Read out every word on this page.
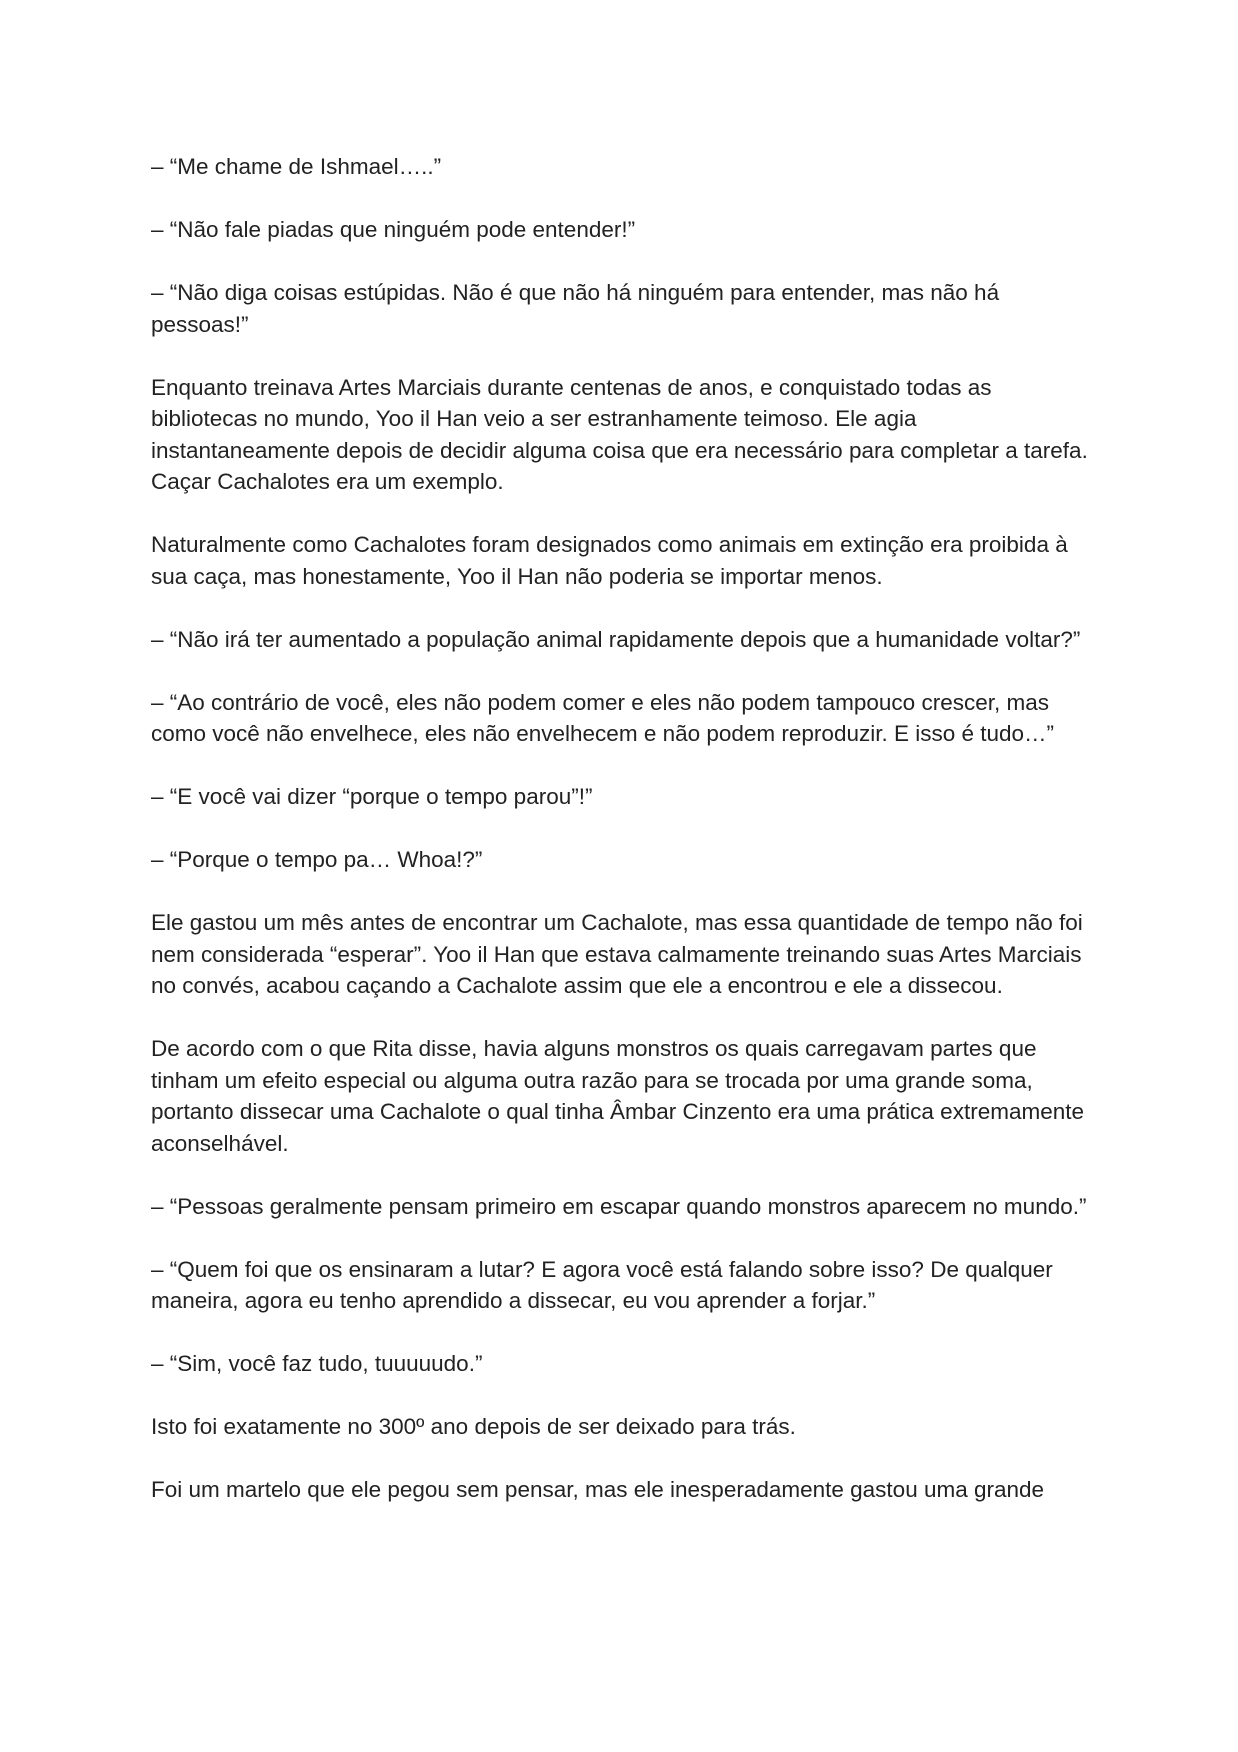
– “Me chame de Ishmael…..”

– “Não fale piadas que ninguém pode entender!”

– “Não diga coisas estúpidas. Não é que não há ninguém para entender, mas não há pessoas!”

Enquanto treinava Artes Marciais durante centenas de anos, e conquistado todas as bibliotecas no mundo, Yoo il Han veio a ser estranhamente teimoso. Ele agia instantaneamente depois de decidir alguma coisa que era necessário para completar a tarefa. Caçar Cachalotes era um exemplo.

Naturalmente como Cachalotes foram designados como animais em extinção era proibida à sua caça, mas honestamente, Yoo il Han não poderia se importar menos.

– “Não irá ter aumentado a população animal rapidamente depois que a humanidade voltar?”

– “Ao contrário de você, eles não podem comer e eles não podem tampouco crescer, mas como você não envelhece, eles não envelhecem e não podem reproduzir. E isso é tudo…”

– “E você vai dizer “porque o tempo parou”!”

– “Porque o tempo pa… Whoa!?”

Ele gastou um mês antes de encontrar um Cachalote, mas essa quantidade de tempo não foi nem considerada “esperar”. Yoo il Han que estava calmamente treinando suas Artes Marciais no convés, acabou caçando a Cachalote assim que ele a encontrou e ele a dissecou.

De acordo com o que Rita disse, havia alguns monstros os quais carregavam partes que tinham um efeito especial ou alguma outra razão para se trocada por uma grande soma, portanto dissecar uma Cachalote o qual tinha Âmbar Cinzento era uma prática extremamente aconselhável.

– “Pessoas geralmente pensam primeiro em escapar quando monstros aparecem no mundo.”

– “Quem foi que os ensinaram a lutar? E agora você está falando sobre isso? De qualquer maneira, agora eu tenho aprendido a dissecar, eu vou aprender a forjar.”

– “Sim, você faz tudo, tuuuuudo.”

Isto foi exatamente no 300º ano depois de ser deixado para trás.

Foi um martelo que ele pegou sem pensar, mas ele inesperadamente gastou uma grande
